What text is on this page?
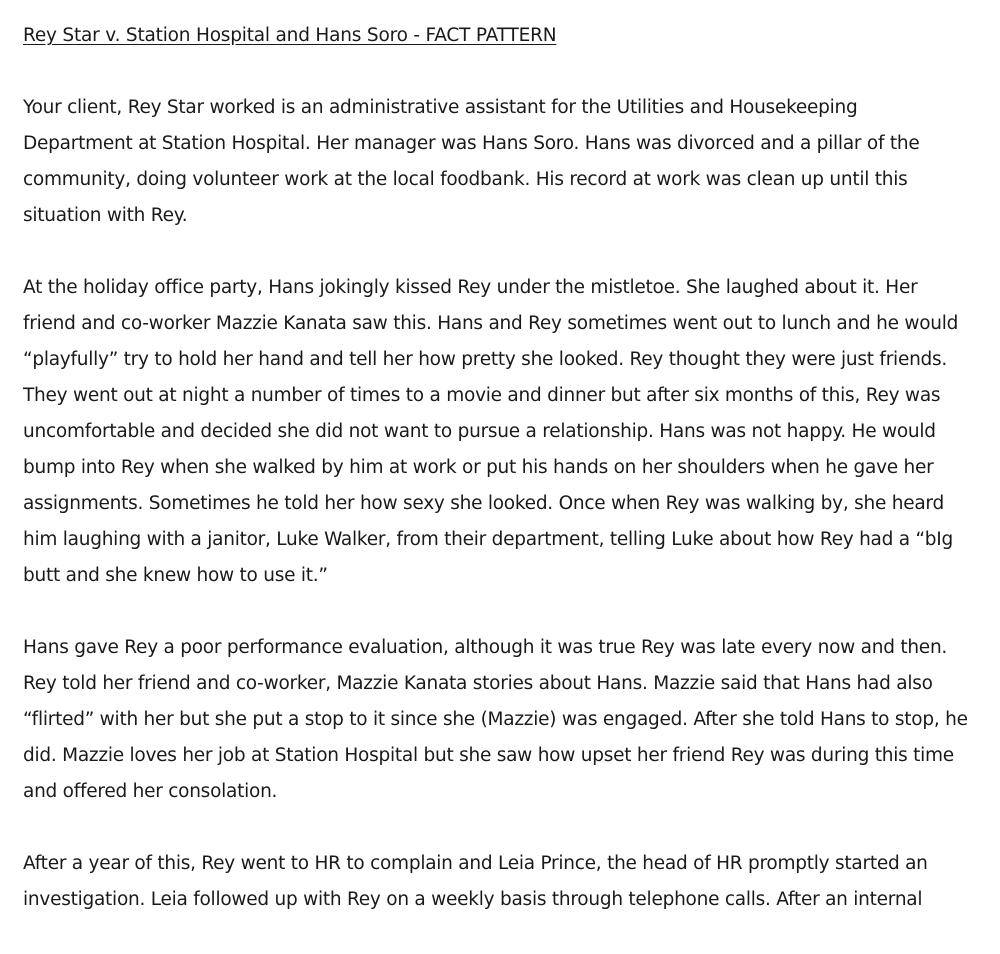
Rey Star v. Station Hospital and Hans Soro - FACT PATTERN
Your client, Rey Star worked is an administrative assistant for the Utilities and Housekeeping
Department at Station Hospital. Her manager was Hans Soro. Hans was divorced and a pillar of the
community, doing volunteer work at the local foodbank. His record at work was clean up until this
situation with Rey.
At the holiday office party, Hans jokingly kissed Rey under the mistletoe. She laughed about it. Her
friend and co-worker Mazzie Kanata saw this. Hans and Rey sometimes went out to lunch and he would
“playfully” try to hold her hand and tell her how pretty she looked. Rey thought they were just friends.
They went out at night a number of times to a movie and dinner but after six months of this, Rey was
uncomfortable and decided she did not want to pursue a relationship. Hans was not happy. He would
bump into Rey when she walked by him at work or put his hands on her shoulders when he gave her
assignments. Sometimes he told her how sexy she looked. Once when Rey was walking by, she heard
him laughing with a janitor, Luke Walker, from their department, telling Luke about how Rey had a “bIg
butt and she knew how to use it.”
Hans gave Rey a poor performance evaluation, although it was true Rey was late every now and then.
Rey told her friend and co-worker, Mazzie Kanata stories about Hans. Mazzie said that Hans had also
“flirted” with her but she put a stop to it since she (Mazzie) was engaged. After she told Hans to stop, he
did. Mazzie loves her job at Station Hospital but she saw how upset her friend Rey was during this time
and offered her consolation.
After a year of this, Rey went to HR to complain and Leia Prince, the head of HR promptly started an
investigation. Leia followed up with Rey on a weekly basis through telephone calls. After an internal
